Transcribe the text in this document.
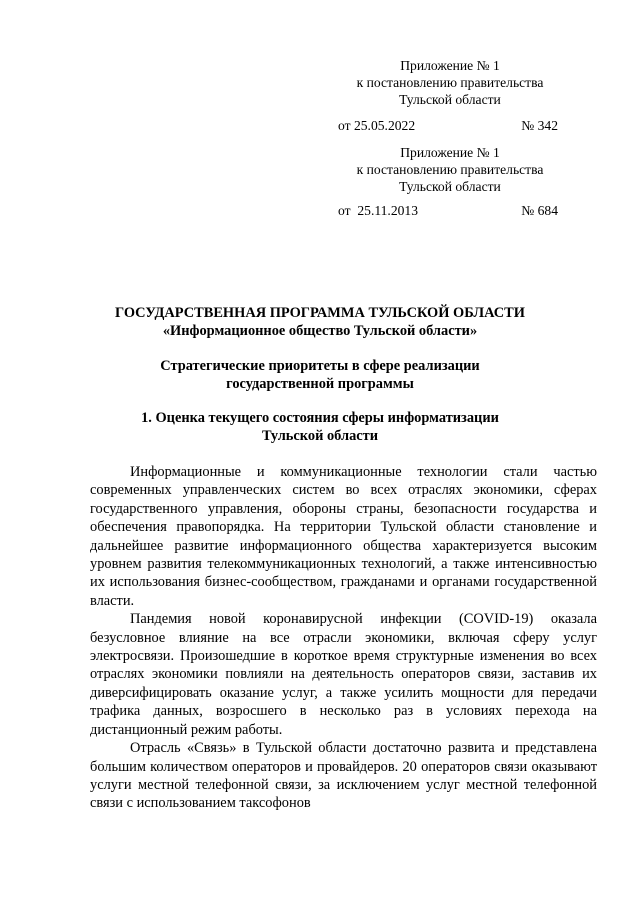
Приложение № 1
к постановлению правительства
Тульской области
от 25.05.2022	№ 342
Приложение № 1
к постановлению правительства
Тульской области
от  25.11.2013	№ 684
ГОСУДАРСТВЕННАЯ ПРОГРАММА ТУЛЬСКОЙ ОБЛАСТИ
«Информационное общество Тульской области»
Стратегические приоритеты в сфере реализации
государственной программы
1. Оценка текущего состояния сферы информатизации
Тульской области

Информационные и коммуникационные технологии стали частью современных управленческих систем во всех отраслях экономики, сферах государственного управления, обороны страны, безопасности государства и обеспечения правопорядка. На территории Тульской области становление и дальнейшее развитие информационного общества характеризуется высоким уровнем развития телекоммуникационных технологий, а также интенсивностью их использования бизнес-сообществом, гражданами и органами государственной власти.

Пандемия новой коронавирусной инфекции (COVID-19) оказала безусловное влияние на все отрасли экономики, включая сферу услуг электросвязи. Произошедшие в короткое время структурные изменения во всех отраслях экономики повлияли на деятельность операторов связи, заставив их диверсифицировать оказание услуг, а также усилить мощности для передачи трафика данных, возросшего в несколько раз в условиях перехода на дистанционный режим работы.

Отрасль «Связь» в Тульской области достаточно развита и представлена большим количеством операторов и провайдеров. 20 операторов связи оказывают услуги местной телефонной связи, за исключением услуг местной телефонной связи с использованием таксофонов
